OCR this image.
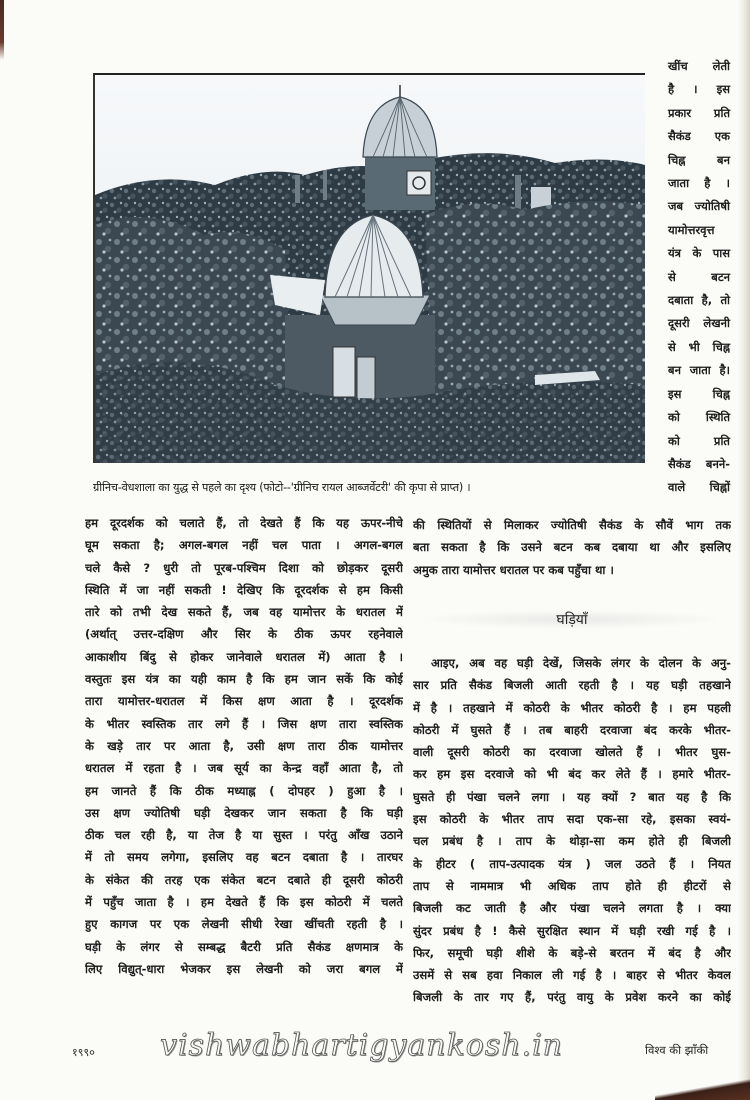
ग्रीनिच-वेधशाला का युद्ध से पहले का दृश्य (फोटो--'ग्रीनिच रायल आब्जर्वेटरी' की कृपा से प्राप्त) ।
खींच लेती
है । इस
प्रकार प्रति
सैकंड एक
चिह्न बन
जाता है ।
जब ज्योतिषी
यामोत्तरवृत्त
यंत्र के पास
से बटन
दबाता है, तो
दूसरी लेखनी
से भी चिह्न
बन जाता है।
इस चिह्न
को स्थिति
को प्रति
सैकंड बनने-
वाले चिह्नों
हम दूरदर्शक को चलाते हैं, तो देखते हैं कि यह ऊपर-नीचे
घूम सकता है; अगल-बगल नहीं चल पाता । अगल-बगल
चले कैसे ? धुरी तो पूरब-पश्चिम दिशा को छोड़कर दूसरी
स्थिति में जा नहीं सकती ! देखिए कि दूरदर्शक से हम किसी
तारे को तभी देख सकते हैं, जब वह यामोत्तर के धरातल में
(अर्थात् उत्तर-दक्षिण और सिर के ठीक ऊपर रहनेवाले
आकाशीय बिंदु से होकर जानेवाले धरातल में) आता है ।
वस्तुतः इस यंत्र का यही काम है कि हम जान सकें कि कोई
तारा यामोत्तर-धरातल में किस क्षण आता है । दूरदर्शक
के भीतर स्वस्तिक तार लगे हैं । जिस क्षण तारा स्वस्तिक
के खड़े तार पर आता है, उसी क्षण तारा ठीक यामोत्तर
धरातल में रहता है । जब सूर्य का केन्द्र वहाँ आता है, तो
हम जानते हैं कि ठीक मध्याह्न ( दोपहर ) हुआ है ।
उस क्षण ज्योतिषी घड़ी देखकर जान सकता है कि घड़ी
ठीक चल रही है, या तेज है या सुस्त । परंतु आँख उठाने
में तो समय लगेगा, इसलिए वह बटन दबाता है । तारघर
के संकेत की तरह एक संकेत बटन दबाते ही दूसरी कोठरी
में पहुँच जाता है । हम देखते हैं कि इस कोठरी में चलते
हुए कागज पर एक लेखनी सीधी रेखा खींचती रहती है ।
घड़ी के लंगर से सम्बद्ध बैटरी प्रति सैकंड क्षणमात्र के
लिए विद्युत्-धारा भेजकर इस लेखनी को जरा बगल में
की स्थितियों से मिलाकर ज्योतिषी सैकंड के सौवें भाग तक
बता सकता है कि उसने बटन कब दबाया था और इसलिए
अमुक तारा यामोत्तर धरातल पर कब पहुँचा था ।
घड़ियाँ
आइए, अब वह घड़ी देखें, जिसके लंगर के दोलन के अनु-
सार प्रति सैकंड बिजली आती रहती है । यह घड़ी तहखाने
में है । तहखाने में कोठरी के भीतर कोठरी है । हम पहली
कोठरी में घुसते हैं । तब बाहरी दरवाजा बंद करके भीतर-
वाली दूसरी कोठरी का दरवाजा खोलते हैं । भीतर घुस-
कर हम इस दरवाजे को भी बंद कर लेते हैं । हमारे भीतर-
घुसते ही पंखा चलने लगा । यह क्यों ? बात यह है कि
इस कोठरी के भीतर ताप सदा एक-सा रहे, इसका स्वयं-
चल प्रबंध है । ताप के थोड़ा-सा कम होते ही बिजली
के हीटर ( ताप-उत्पादक यंत्र ) जल उठते हैं । नियत
ताप से नाममात्र भी अधिक ताप होते ही हीटरों से
बिजली कट जाती है और पंखा चलने लगता है । क्या
सुंदर प्रबंध है ! कैसे सुरक्षित स्थान में घड़ी रखी गई है ।
फिर, समूची घड़ी शीशे के बड़े-से बरतन में बंद है और
उसमें से सब हवा निकाल ली गई है । बाहर से भीतर केवल
बिजली के तार गए हैं, परंतु वायु के प्रवेश करने का कोई
१९९० vishwabhartigyankosh.in	विश्व की झाँकी
